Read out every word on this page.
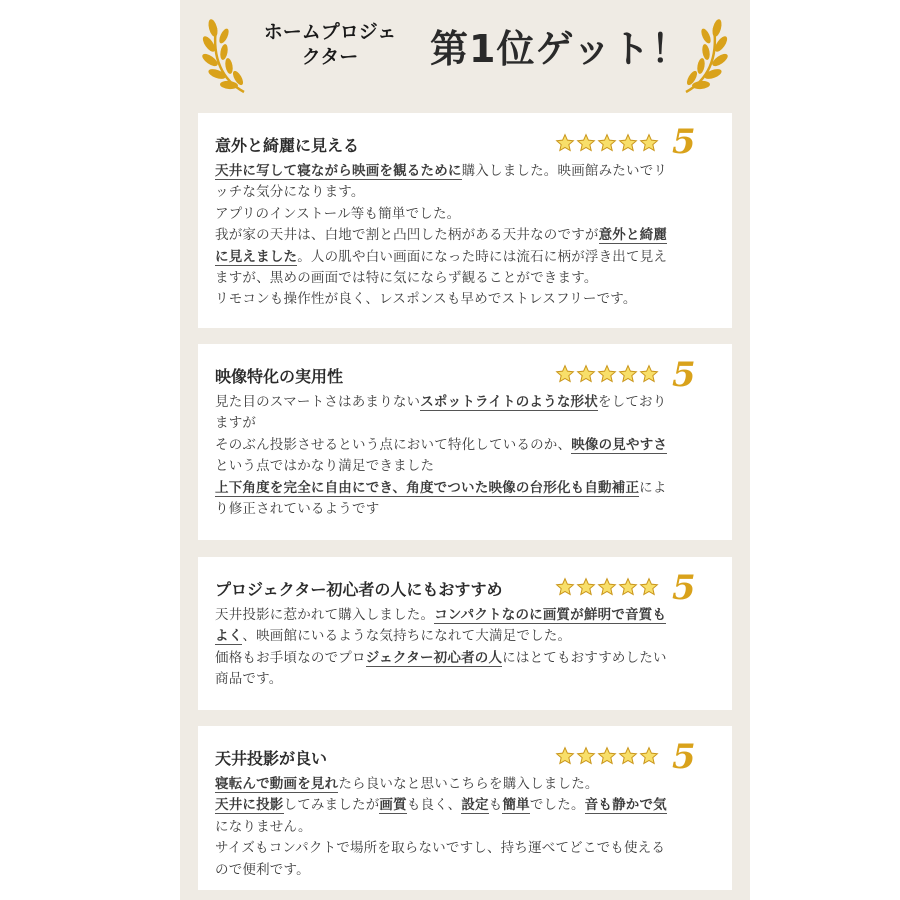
ホームプロジェ
クター	第1位ゲット！
意外と綺麗に見える	5
天井に写して寝ながら映画を観るために購入しました。映画館みたいでリ
ッチな気分になります。
アプリのインストール等も簡単でした。
我が家の天井は、白地で割と凸凹した柄がある天井なのですが意外と綺麗
に見えました。人の肌や白い画面になった時には流石に柄が浮き出て見え
ますが、黒めの画面では特に気にならず観ることができます。
リモコンも操作性が良く、レスポンスも早めでストレスフリーです。
映像特化の実用性	5
見た目のスマートさはあまりないスポットライトのような形状をしており
ますが
そのぶん投影させるという点において特化しているのか、映像の見やすさ
という点ではかなり満足できました
上下角度を完全に自由にでき、角度でついた映像の台形化も自動補正によ
り修正されているようです
プロジェクター初心者の人にもおすすめ	5
天井投影に惹かれて購入しました。コンパクトなのに画質が鮮明で音質も
よく、映画館にいるような気持ちになれて大満足でした。
価格もお手頃なのでプロジェクター初心者の人にはとてもおすすめしたい
商品です。
天井投影が良い	5
寝転んで動画を見れたら良いなと思いこちらを購入しました。
天井に投影してみましたが画質も良く、設定も簡単でした。音も静かで気
になりません。
サイズもコンパクトで場所を取らないですし、持ち運べてどこでも使える
ので便利です。
